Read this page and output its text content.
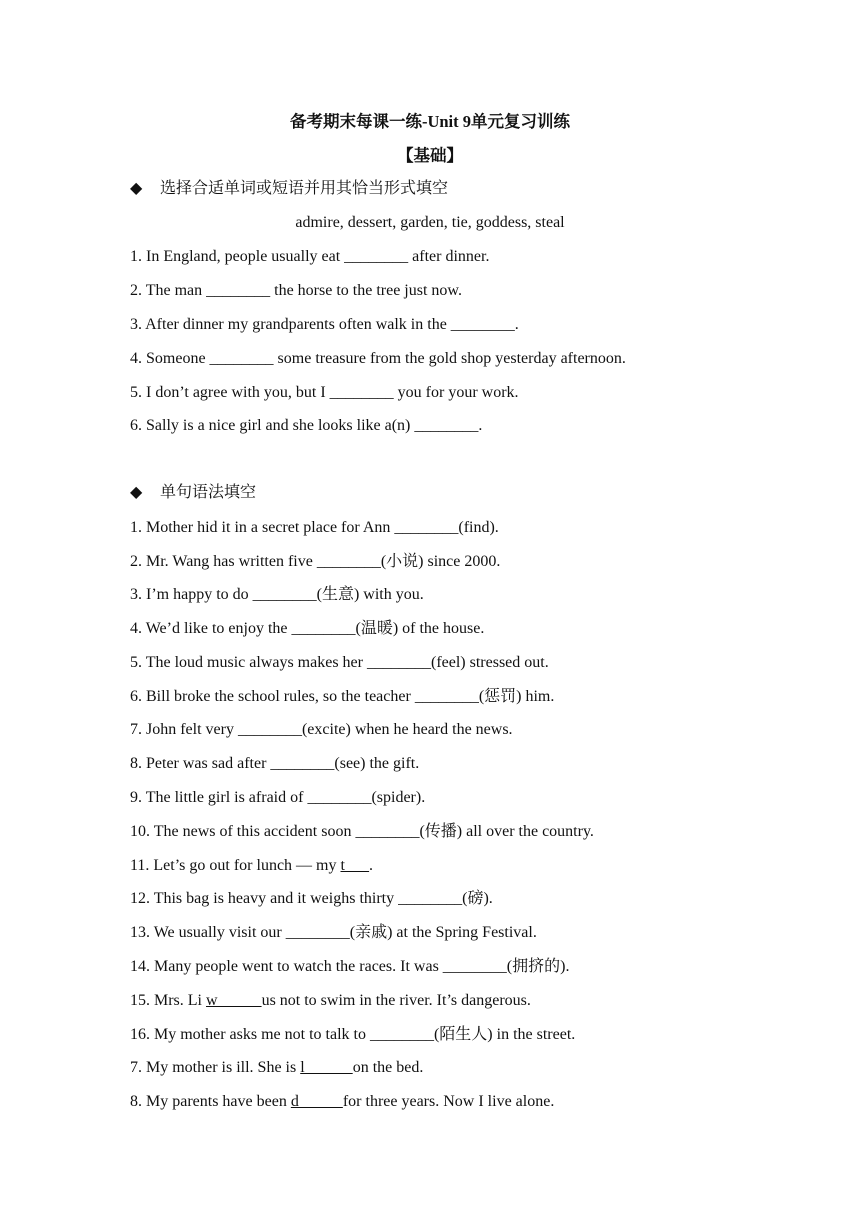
备考期末每课一练-Unit 9单元复习训练
【基础】
◆ 选择合适单词或短语并用其恰当形式填空
admire, dessert, garden, tie, goddess, steal
1. In England, people usually eat ________ after dinner.
2. The man ________ the horse to the tree just now.
3. After dinner my grandparents often walk in the ________.
4. Someone ________ some treasure from the gold shop yesterday afternoon.
5. I don’t agree with you, but I ________ you for your work.
6. Sally is a nice girl and she looks like a(n) ________.
◆ 单句语法填空
1. Mother hid it in a secret place for Ann ________(find).
2. Mr. Wang has written five ________(小说) since 2000.
3. I’m happy to do ________(生意) with you.
4. We’d like to enjoy the ________(温暖) of the house.
5. The loud music always makes her ________(feel) stressed out.
6. Bill broke the school rules, so the teacher ________(惩罚) him.
7. John felt very ________(excite) when he heard the news.
8. Peter was sad after ________(see) the gift.
9. The little girl is afraid of ________(spider).
10. The news of this accident soon ________(传播) all over the country.
11. Let’s go out for lunch — my t___.
12. This bag is heavy and it weighs thirty ________(磅).
13. We usually visit our ________(亲戚) at the Spring Festival.
14. Many people went to watch the races. It was ________(拥挤的).
15. Mrs. Li w           us not to swim in the river. It’s dangerous.
16. My mother asks me not to talk to ________(陌生人) in the street.
7. My mother is ill. She is l            on the bed.
8. My parents have been d           for three years. Now I live alone.
